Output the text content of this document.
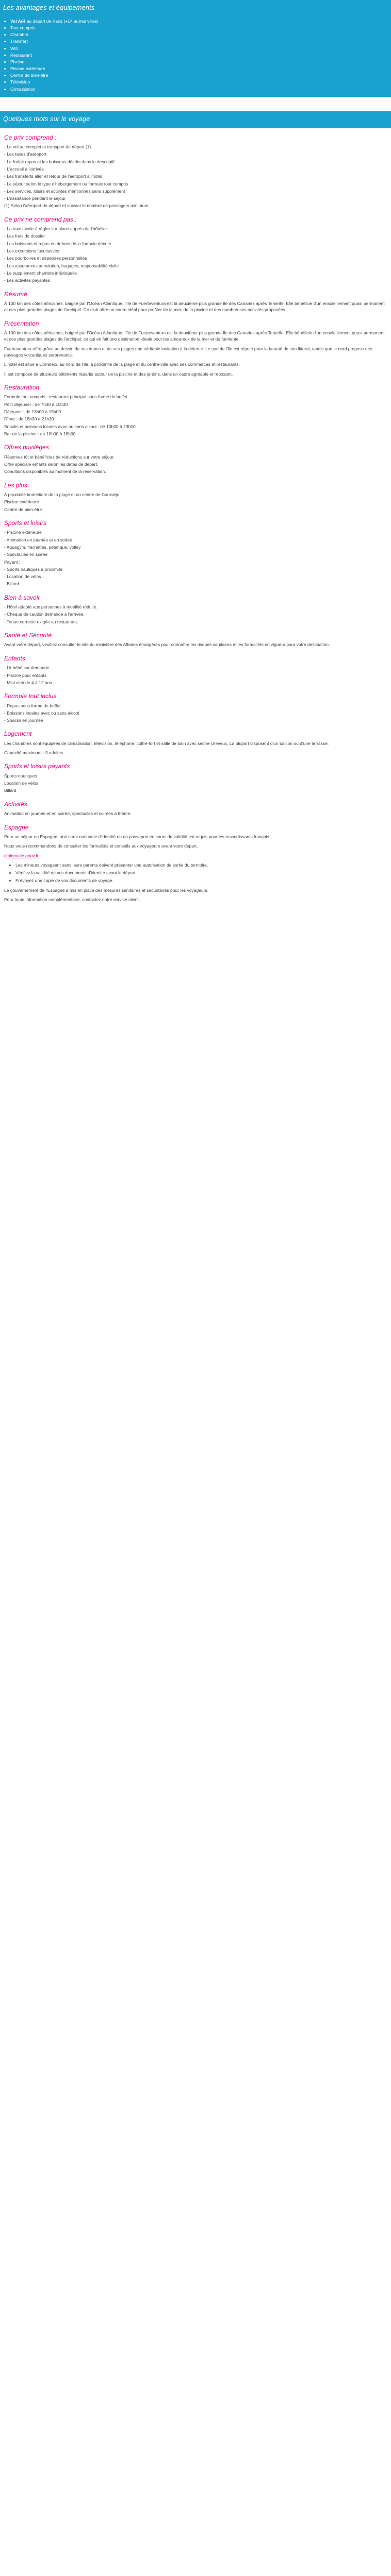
Les avantages et équipements
• Vol A/R au départ de Paris (+14 autres villes)
• Tout compris
• Chambre
• Transfert
• Wifi
• Restaurant
• Piscine
• Piscine extérieure
• Centre de bien-être
• Télévision
• Climatisation
Quelques mots sur le voyage
Ce prix comprend :

- Le vol au complet et transport de départ (1)

- Les taxes d'aéroport

- Le forfait repas et les boissons décrits dans le descriptif

- L'accueil à l'arrivée

- Les transferts aller et retour de l'aéroport à l'hôtel

- Le séjour selon le type d'hébergement ou formule tout compris

- Les services, loisirs et activités mentionnés sans supplément

- L'assistance pendant le séjour

(1) Selon l'aéroport de départ et suivant le nombre de passagers minimum.

Ce prix ne comprend pas :

- La taxe locale à régler sur place auprès de l'hôtelier

- Les frais de dossier

- Les boissons et repas en dehors de la formule décrite

- Les excursions facultatives

- Les pourboires et dépenses personnelles

- Les assurances annulation, bagages, responsabilité civile

- Le supplément chambre individuelle

- Les activités payantes

Résumé

À 100 km des côtes africaines, baigné par l'Océan Atlantique, l'île de Fuerteventura est la deuxième plus grande île des Canaries après Tenerife. Elle bénéficie d'un ensoleillement quasi permanent et des plus grandes plages de l'archipel. Ce club offre un cadre idéal pour profiter de la mer, de la piscine et des nombreuses activités proposées.

Présentation

À 100 km des côtes africaines, baigné par l'Océan Atlantique, l'île de Fuerteventura est la deuxième plus grande île des Canaries après Tenerife. Elle bénéficie d'un ensoleillement quasi permanent et des plus grandes plages de l'archipel, ce qui en fait une destination idéale pour les amoureux de la mer et du farniente.

Fuerteventura offre grâce au dessin de ses dunes et de ses plages une véritable invitation à la détente. Le sud de l'île est réputé pour la beauté de son littoral, tandis que le nord propose des paysages volcaniques surprenants.

L'hôtel est situé à Corralejo, au nord de l'île, à proximité de la plage et du centre-ville avec ses commerces et restaurants.

Il est composé de plusieurs bâtiments répartis autour de la piscine et des jardins, dans un cadre agréable et reposant.

Restauration

Formule tout compris : restaurant principal sous forme de buffet.

Petit déjeuner : de 7h30 à 10h30

Déjeuner : de 13h00 à 15h00

Dîner : de 18h30 à 21h30

Snacks et boissons locales avec ou sans alcool : de 10h00 à 23h00

Bar de la piscine : de 10h00 à 18h00

Offres privilèges

Réservez tôt et bénéficiez de réductions sur votre séjour.

Offre spéciale enfants selon les dates de départ.

Conditions disponibles au moment de la réservation.

Les plus

A proximité immédiate de la plage et du centre de Corralejo

Piscine extérieure

Centre de bien-être

Sports et loisirs

- Piscine extérieure

- Animation en journée et en soirée

- Aquagym, fléchettes, pétanque, volley

- Spectacles en soirée

Payant :

- Sports nautiques à proximité

- Location de vélos

- Billard

Bien à savoir

- Hôtel adapté aux personnes à mobilité réduite.

- Chèque de caution demandé à l'arrivée.

- Tenue correcte exigée au restaurant.

Santé et Sécurité

Avant votre départ, veuillez consulter le site du ministère des Affaires étrangères pour connaître les risques sanitaires et les formalités en vigueur pour votre destination.

Enfants

- Lit bébé sur demande

- Piscine pour enfants

- Mini club de 4 à 12 ans

Formule tout inclus

- Repas sous forme de buffet

- Boissons locales avec ou sans alcool

- Snacks en journée

Logement

Les chambres sont équipées de climatisation, télévision, téléphone, coffre-fort et salle de bain avec sèche-cheveux. La plupart disposent d'un balcon ou d'une terrasse.

Capacité maximum : 3 adultes

Sports et loisirs payants

Sports nautiques

Location de vélos

Billard

Activités

Animation en journée et en soirée, spectacles et soirées à thème.

Espagne

Pour un séjour en Espagne, une carte nationale d'identité ou un passeport en cours de validité est requis pour les ressortissants français.

Nous vous recommandons de consulter les formalités et conseils aux voyageurs avant votre départ.

diplomatie.gouv.fr

• Les mineurs voyageant sans leurs parents doivent présenter une autorisation de sortie du territoire.
• Vérifiez la validité de vos documents d'identité avant le départ.
• Prévoyez une copie de vos documents de voyage.

Le gouvernement de l'Espagne a mis en place des mesures sanitaires et sécuritaires pour les voyageurs.

Pour toute information complémentaire, contactez notre service client.
